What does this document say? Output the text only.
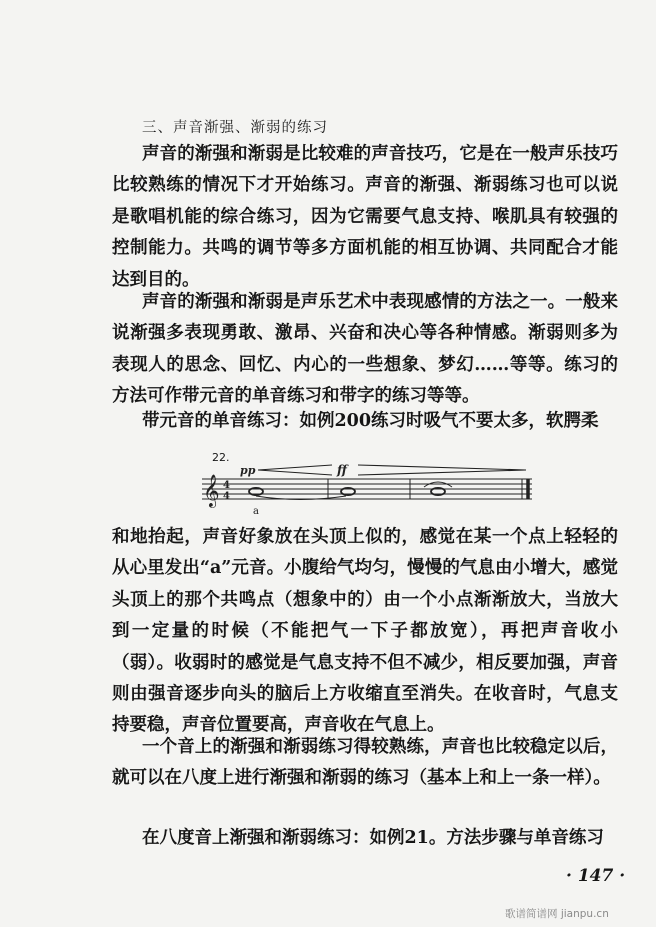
三、声音渐强、渐弱的练习

声音的渐强和渐弱是比较难的声音技巧，它是在一般声乐技巧比较熟练的情况下才开始练习。声音的渐强、渐弱练习也可以说是歌唱机能的综合练习，因为它需要气息支持、喉肌具有较强的控制能力。共鸣的调节等多方面机能的相互协调、共同配合才能达到目的。

声音的渐强和渐弱是声乐艺术中表现感情的方法之一。一般来说渐强多表现勇敢、激昂、兴奋和决心等各种情感。渐弱则多为表现人的思念、回忆、内心的一些想象、梦幻……等等。练习的方法可作带元音的单音练习和带字的练习等等。

带元音的单音练习：如例200练习时吸气不要太多，软腭柔

22.
𝄞 4
4
pp	ff
a

和地抬起，声音好象放在头顶上似的，感觉在某一个点上轻轻的从心里发出“a”元音。小腹给气均匀，慢慢的气息由小增大，感觉头顶上的那个共鸣点（想象中的）由一个小点渐渐放大，当放大到一定量的时候（不能把气一下子都放宽），再把声音收小（弱）。收弱时的感觉是气息支持不但不减少，相反要加强，声音则由强音逐步向头的脑后上方收缩直至消失。在收音时，气息支持要稳，声音位置要高，声音收在气息上。

一个音上的渐强和渐弱练习得较熟练，声音也比较稳定以后，就可以在八度上进行渐强和渐弱的练习（基本上和上一条一样）。

在八度音上渐强和渐弱练习：如例21。方法步骤与单音练习

· 147 ·
歌谱简谱网 jianpu.cn
